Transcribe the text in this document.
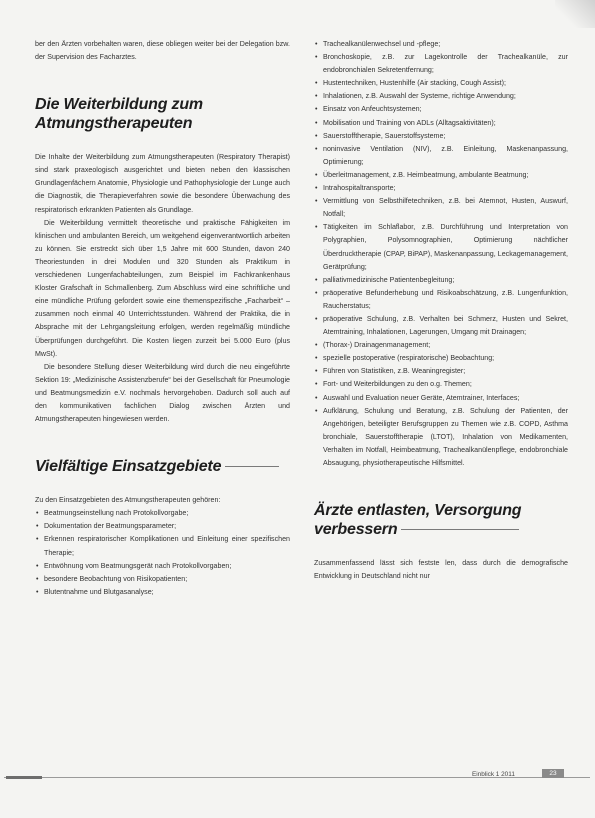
ber den Ärzten vorbehalten waren, diese obliegen weiter bei der Delegation bzw. der Supervision des Facharztes.

Die Weiterbildung zum Atmungstherapeuten

Die Inhalte der Weiterbildung zum Atmungstherapeuten (Respiratory Therapist) sind stark praxeologisch ausgerichtet und bieten neben den klassischen Grundlagenfächern Anatomie, Physiologie und Pathophysiologie der Lunge auch die Diagnostik, die Therapieverfahren sowie die besondere Überwachung des respiratorisch erkrankten Patienten als Grundlage.

Die Weiterbildung vermittelt theoretische und praktische Fähigkeiten im klinischen und ambulanten Bereich, um weitgehend eigenverantwortlich arbeiten zu können. Sie erstreckt sich über 1,5 Jahre mit 600 Stunden, davon 240 Theoriestunden in drei Modulen und 320 Stunden als Praktikum in verschiedenen Lungenfachabteilungen, zum Beispiel im Fachkrankenhaus Kloster Grafschaft in Schmallenberg. Zum Abschluss wird eine schriftliche und eine mündliche Prüfung gefordert sowie eine themenspezifische „Facharbeit“ – zusammen noch einmal 40 Unterrichtsstunden. Während der Praktika, die in Absprache mit der Lehrgangsleitung erfolgen, werden regelmäßig mündliche Überprüfungen durchgeführt. Die Kosten liegen zurzeit bei 5.000 Euro (plus MwSt).

Die besondere Stellung dieser Weiterbildung wird durch die neu eingeführte Sektion 19: „Medizinische Assistenzberufe“ bei der Gesellschaft für Pneumologie und Beatmungsmedizin e.V. nochmals hervorgehoben. Dadurch soll auch auf den kommunikativen fachlichen Dialog zwischen Ärzten und Atmungstherapeuten hingewiesen werden.

Vielfältige Einsatzgebiete

Zu den Einsatzgebieten des Atmungstherapeuten gehören:

• Beatmungseinstellung nach Protokollvorgabe;
• Dokumentation der Beatmungsparameter;
• Erkennen respiratorischer Komplikationen und Einleitung einer spezifischen Therapie;
• Entwöhnung vom Beatmungsgerät nach Protokollvorgaben;
• besondere Beobachtung von Risikopatienten;
• Blutentnahme und Blutgasanalyse;
• Trachealkanülenwechsel und -pflege;
• Bronchoskopie, z.B. zur Lagekontrolle der Trachealkanüle, zur endobronchialen Sekretentfernung;
• Hustentechniken, Hustenhilfe (Air stacking, Cough Assist);
• Inhalationen, z.B. Auswahl der Systeme, richtige Anwendung;
• Einsatz von Anfeuchtsystemen;
• Mobilisation und Training von ADLs (Alltagsaktivitäten);
• Sauerstofftherapie, Sauerstoffsysteme;
• noninvasive Ventilation (NIV), z.B. Einleitung, Maskenanpassung, Optimierung;
• Überleitmanagement, z.B. Heimbeatmung, ambulante Beatmung;
• Intrahospitaltransporte;
• Vermittlung von Selbsthilfetechniken, z.B. bei Atemnot, Husten, Auswurf, Notfall;
• Tätigkeiten im Schlaflabor, z.B. Durchführung und Interpretation von Polygraphien, Polysomnographien, Optimierung nächtlicher Überdrucktherapie (CPAP, BiPAP), Maskenanpassung, Leckagemanagement, Gerätprüfung;
• palliativmedizinische Patientenbegleitung;
• präoperative Befunderhebung und Risikoabschätzung, z.B. Lungenfunktion, Raucherstatus;
• präoperative Schulung, z.B. Verhalten bei Schmerz, Husten und Sekret, Atemtraining, Inhalationen, Lagerungen, Umgang mit Drainagen;
• (Thorax-) Drainagenmanagement;
• spezielle postoperative (respiratorische) Beobachtung;
• Führen von Statistiken, z.B. Weaningregister;
• Fort- und Weiterbildungen zu den o.g. Themen;
• Auswahl und Evaluation neuer Geräte, Atemtrainer, Interfaces;
• Aufklärung, Schulung und Beratung, z.B. Schulung der Patienten, der Angehörigen, beteiligter Berufsgruppen zu Themen wie z.B. COPD, Asthma bronchiale, Sauerstofftherapie (LTOT), Inhalation von Medikamenten, Verhalten im Notfall, Heimbeatmung, Trachealkanülenpflege, endobronchiale Absaugung, physiotherapeutische Hilfsmittel.
Ärzte entlasten, Versorgung verbessern

Zusammenfassend lässt sich festste len, dass durch die demografische Entwicklung in Deutschland nicht nur

Einblick 1 2011	23
